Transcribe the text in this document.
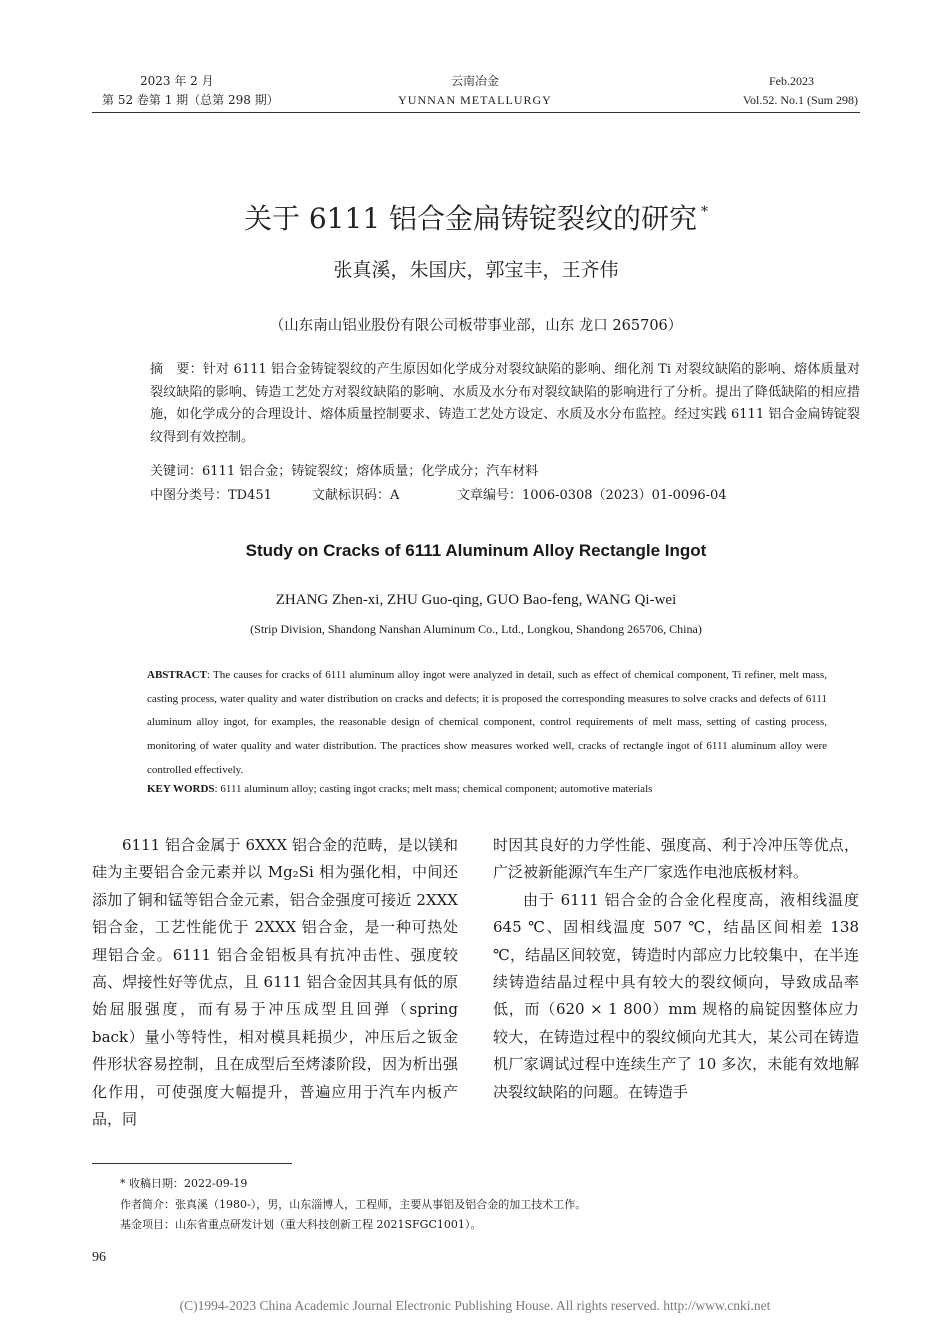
2023 年 2 月
第 52 卷第 1 期（总第 298 期）
云南冶金
YUNNAN METALLURGY
Feb.2023
Vol.52. No.1 (Sum 298)
关于 6111 铝合金扁铸锭裂纹的研究 *
张真溪，朱国庆，郭宝丰，王齐伟
（山东南山铝业股份有限公司板带事业部，山东 龙口 265706）
摘　要：针对 6111 铝合金铸锭裂纹的产生原因如化学成分对裂纹缺陷的影响、细化剂 Ti 对裂纹缺陷的影响、熔体质量对裂纹缺陷的影响、铸造工艺处方对裂纹缺陷的影响、水质及水分布对裂纹缺陷的影响进行了分析。提出了降低缺陷的相应措施，如化学成分的合理设计、熔体质量控制要求、铸造工艺处方设定、水质及水分布监控。经过实践 6111 铝合金扁铸锭裂纹得到有效控制。
关键词：6111 铝合金；铸锭裂纹；熔体质量；化学成分；汽车材料
中图分类号：TD451	文献标识码：A	文章编号：1006-0308（2023）01-0096-04
Study on Cracks of 6111 Aluminum Alloy Rectangle Ingot
ZHANG Zhen-xi, ZHU Guo-qing, GUO Bao-feng, WANG Qi-wei
(Strip Division, Shandong Nanshan Aluminum Co., Ltd., Longkou, Shandong 265706, China)
ABSTRACT: The causes for cracks of 6111 aluminum alloy ingot were analyzed in detail, such as effect of chemical component, Ti refiner, melt mass, casting process, water quality and water distribution on cracks and defects; it is proposed the corresponding measures to solve cracks and defects of 6111 aluminum alloy ingot, for examples, the reasonable design of chemical component, control requirements of melt mass, setting of casting process, monitoring of water quality and water distribution. The practices show measures worked well, cracks of rectangle ingot of 6111 aluminum alloy were controlled effectively.
KEY WORDS: 6111 aluminum alloy; casting ingot cracks; melt mass; chemical component; automotive materials

6111 铝合金属于 6XXX 铝合金的范畴，是以镁和硅为主要铝合金元素并以 Mg₂Si 相为强化相，中间还添加了铜和锰等铝合金元素，铝合金强度可接近 2XXX 铝合金，工艺性能优于 2XXX 铝合金，是一种可热处理铝合金。6111 铝合金铝板具有抗冲击性、强度较高、焊接性好等优点，且 6111 铝合金因其具有低的原始屈服强度，而有易于冲压成型且回弹（spring back）量小等特性，相对模具耗损少，冲压后之钣金件形状容易控制，且在成型后至烤漆阶段，因为析出强化作用，可使强度大幅提升，普遍应用于汽车内板产品，同

时因其良好的力学性能、强度高、利于冷冲压等优点，广泛被新能源汽车生产厂家选作电池底板材料。

由于 6111 铝合金的合金化程度高，液相线温度 645 ℃、固相线温度 507 ℃，结晶区间相差 138 ℃，结晶区间较宽，铸造时内部应力比较集中，在半连续铸造结晶过程中具有较大的裂纹倾向，导致成品率低，而（620 × 1 800）mm 规格的扁锭因整体应力较大，在铸造过程中的裂纹倾向尤其大，某公司在铸造机厂家调试过程中连续生产了 10 多次，未能有效地解决裂纹缺陷的问题。在铸造手

* 收稿日期：2022-09-19
作者简介：张真溪（1980-），男，山东淄博人，工程师，主要从事铝及铝合金的加工技术工作。
基金项目：山东省重点研发计划（重大科技创新工程 2021SFGC1001）。
96
(C)1994-2023 China Academic Journal Electronic Publishing House. All rights reserved. http://www.cnki.net
